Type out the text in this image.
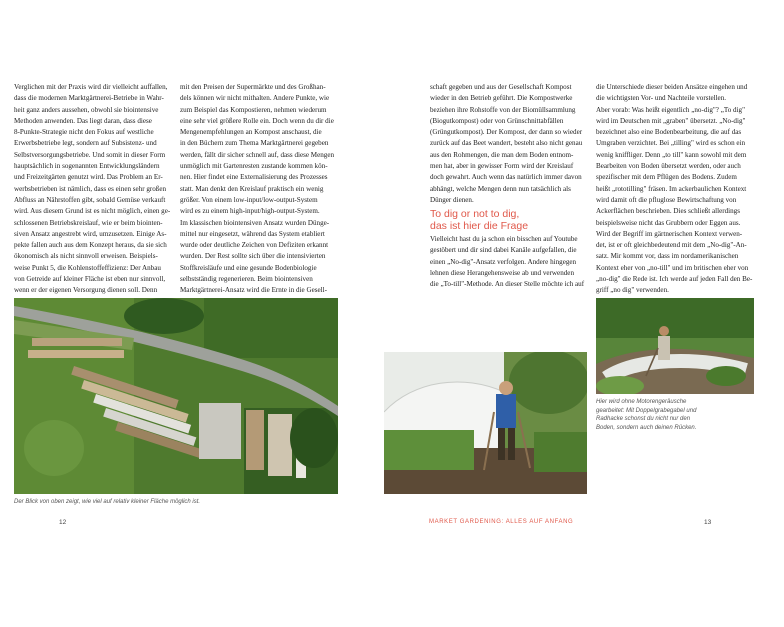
Verglichen mit der Praxis wird dir vielleicht auffallen,
dass die modernen Marktgärtnerei-Betriebe in Wahr-
heit ganz anders aussehen, obwohl sie biointensive
Methoden anwenden. Das liegt daran, dass diese
8-Punkte-Strategie nicht den Fokus auf westliche
Erwerbsbetriebe legt, sondern auf Subsistenz- und
Selbstversorgungsbetriebe. Und somit in dieser Form
hauptsächlich in sogenannten Entwicklungsländern
und Freizeitgärten genutzt wird. Das Problem an Er-
werbsbetrieben ist nämlich, dass es einen sehr großen
Abfluss an Nährstoffen gibt, sobald Gemüse verkauft
wird. Aus diesem Grund ist es nicht möglich, einen ge-
schlossenen Betriebskreislauf, wie er beim biointen-
siven Ansatz angestrebt wird, umzusetzen. Einige As-
pekte fallen auch aus dem Konzept heraus, da sie sich
ökonomisch als nicht sinnvoll erweisen. Beispiels-
weise Punkt 5, die Kohlenstoffeffizienz: Der Anbau
von Getreide auf kleiner Fläche ist eben nur sinnvoll,
wenn er der eigenen Versorgung dienen soll. Denn
mit den Preisen der Supermärkte und des Großhan-
dels können wir nicht mithalten. Andere Punkte, wie
zum Beispiel das Kompostieren, nehmen wiederum
eine sehr viel größere Rolle ein. Doch wenn du dir die
Mengenempfehlungen an Kompost anschaust, die
in den Büchern zum Thema Marktgärtnerei gegeben
werden, fällt dir sicher schnell auf, dass diese Mengen
unmöglich mit Gartenresten zustande kommen kön-
nen. Hier findet eine Externalisierung des Prozesses
statt. Man denkt den Kreislauf praktisch ein wenig
größer. Von einem low-input/low-output-System
wird es zu einem high-input/high-output-System.
Im klassischen biointensiven Ansatz wurden Dünge-
mittel nur eingesetzt, während das System etabliert
wurde oder deutliche Zeichen von Defiziten erkannt
wurden. Der Rest sollte sich über die intensivierten
Stoffkreisläufe und eine gesunde Bodenbiologie
selbstständig regenerieren. Beim biointensiven
Marktgärtnerei-Ansatz wird die Ernte in die Gesell-
Der Blick von oben zeigt, wie viel auf relativ kleiner Fläche möglich ist.
12
schaft gegeben und aus der Gesellschaft Kompost
wieder in den Betrieb geführt. Die Kompostwerke
beziehen ihre Rohstoffe von der Biomüllsammlung
(Biogutkompost) oder von Grünschnittabfällen
(Grüngutkompost). Der Kompost, der dann so wieder
zurück auf das Beet wandert, besteht also nicht genau
aus den Rohmengen, die man dem Boden entnom-
men hat, aber in gewisser Form wird der Kreislauf
doch gewahrt. Auch wenn das natürlich immer davon
abhängt, welche Mengen denn nun tatsächlich als
Dünger dienen.
To dig or not to dig,
das ist hier die Frage
Vielleicht hast du ja schon ein bisschen auf Youtube
gestöbert und dir sind dabei Kanäle aufgefallen, die
einen „No-dig"-Ansatz verfolgen. Andere hingegen
lehnen diese Herangehensweise ab und verwenden
die „To-till"-Methode. An dieser Stelle möchte ich auf
die Unterschiede dieser beiden Ansätze eingehen und
die wichtigsten Vor- und Nachteile vorstellen.
Aber vorab: Was heißt eigentlich „no-dig"? „To dig"
wird im Deutschen mit „graben" übersetzt. „No-dig"
bezeichnet also eine Bodenbearbeitung, die auf das
Umgraben verzichtet. Bei „tilling" wird es schon ein
wenig kniffliger. Denn „to till" kann sowohl mit dem
Bearbeiten von Boden übersetzt werden, oder auch
spezifischer mit dem Pflügen des Bodens. Zudem
heißt „rototilling" fräsen. Im ackerbaulichen Kontext
wird damit oft die pfluglose Bewirtschaftung von
Ackerflächen beschrieben. Dies schließt allerdings
beispielsweise nicht das Grubbern oder Eggen aus.
Wird der Begriff im gärtnerischen Kontext verwen-
det, ist er oft gleichbedeutend mit dem „No-dig"-An-
satz. Mir kommt vor, dass im nordamerikanischen
Kontext eher von „no-till" und im britischen eher von
„no-dig" die Rede ist. Ich werde auf jeden Fall den Be-
griff „no dig" verwenden.
Hier wird ohne Motorengeräusche
gearbeitet: Mit Doppelgrabegabel und
Radhacke schonst du nicht nur den
Boden, sondern auch deinen Rücken.
MARKET GARDENING: ALLES AUF ANFANG	13
